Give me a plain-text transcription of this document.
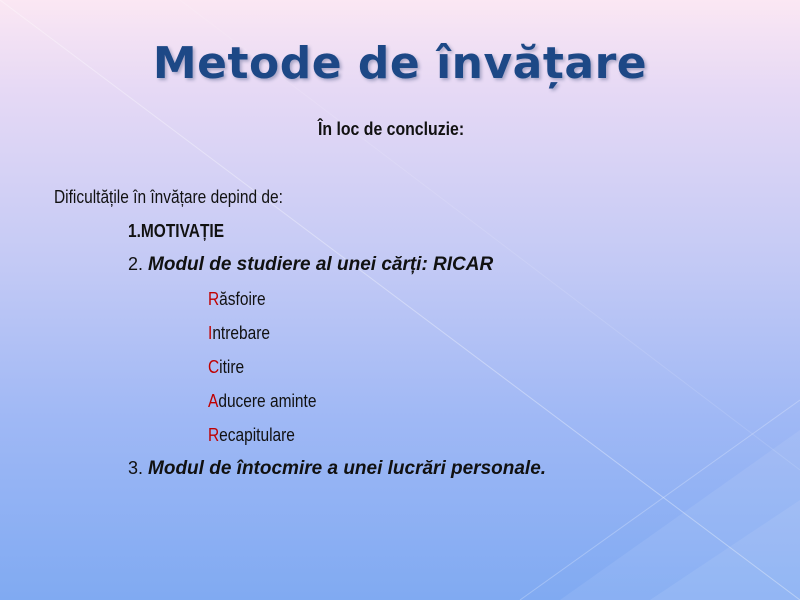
Metode de învățare
În loc de concluzie:
Dificultățile în învățare depind de:
1.MOTIVAȚIE
2. Modul de studiere al unei cărți: RICAR
Răsfoire
Intrebare
Citire
Aducere aminte
Recapitulare
3. Modul de întocmire a unei lucrări personale.
